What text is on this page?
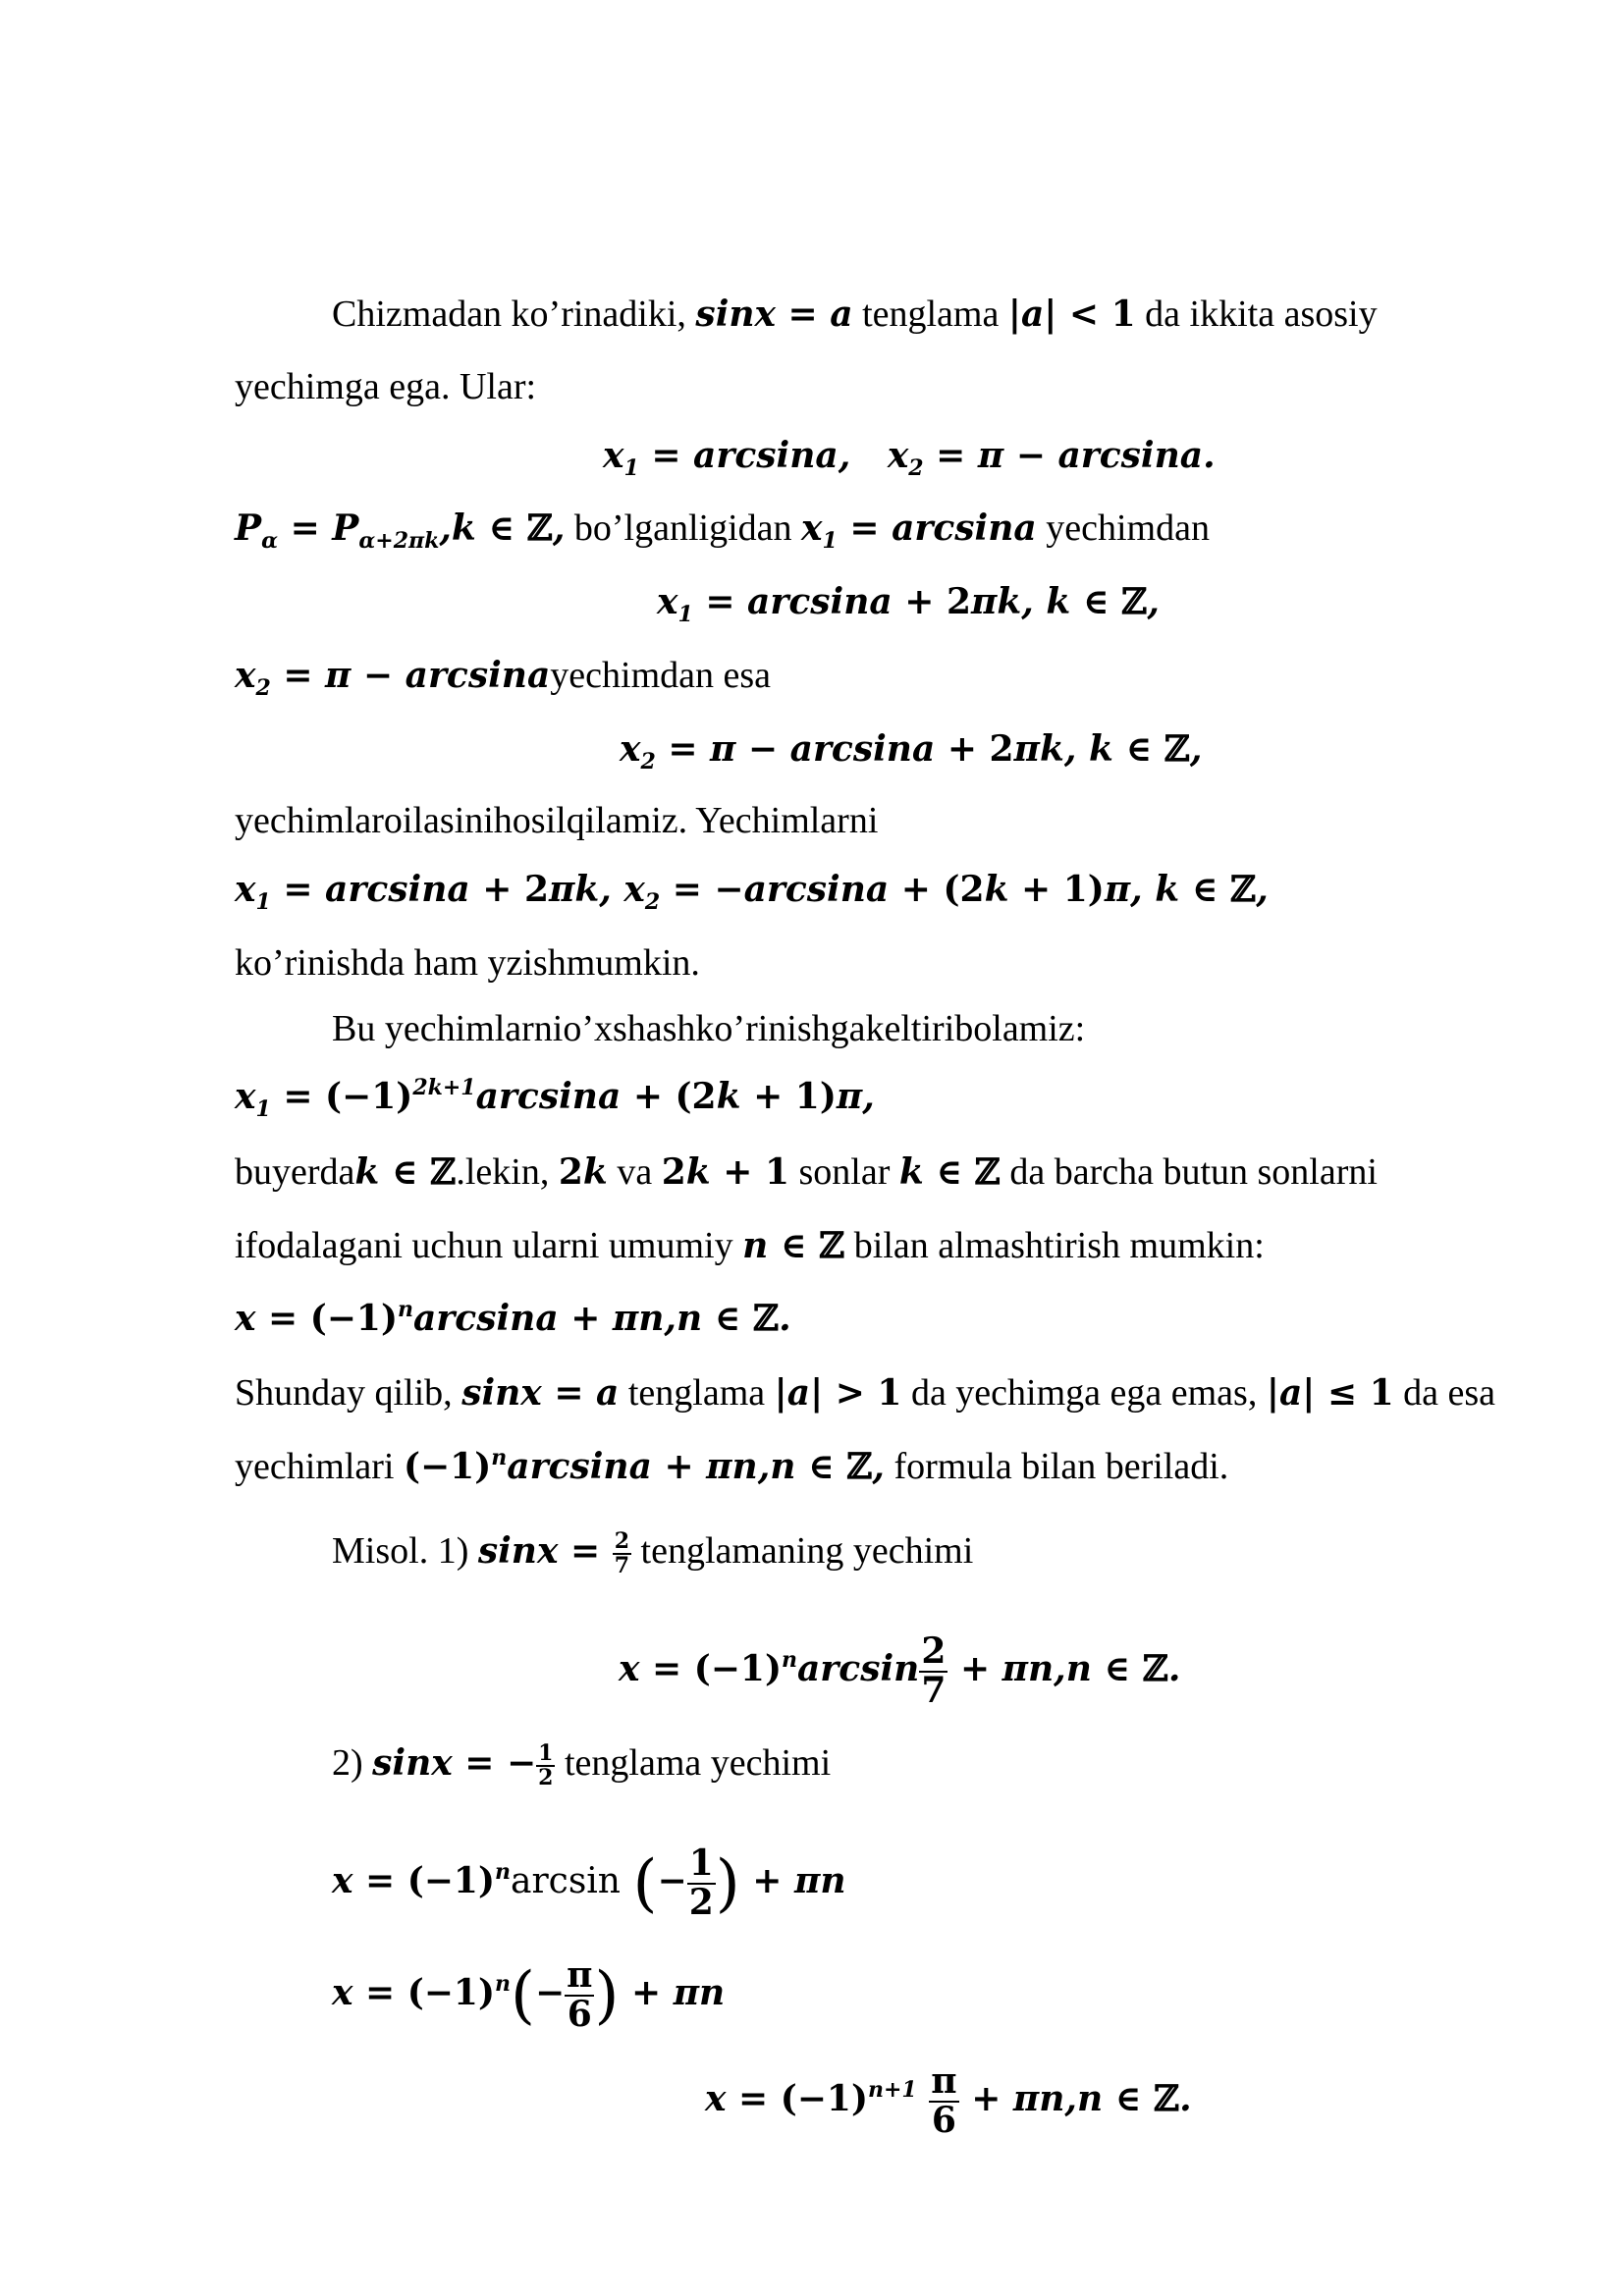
Chizmadan ko’rinadiki, sinx = a tenglama |a| < 1 da ikkita asosiy
yechimga ega. Ular:
$x_1 = \arcsin a$,   $x_2 = \pi - \arcsin a$.
$P_\alpha = P_{\alpha+2\pi k},k$ ∈ ℤ, bo’lganligidan $x_1 = \arcsin a$ yechimdan
$x_1 = \arcsin a + 2\pi k$, k ∈ ℤ,
$x_2 = \pi$ − arcsinayechimdan esa
$x_2 = \pi - \arcsin a + 2\pi k$, k ∈ ℤ,
yechimlaroilasinihosilqilamiz. Yechimlarni
$x_1 = \arcsin a + 2\pi k$, $x_2 = -\arcsin a + (2k + 1)\pi$, k ∈ ℤ,
ko’rinishda ham yzishmumkin.
Bu yechimlarnio’xshashko’rinishgakeltiribolamiz:
$x_1 = (-1)^{2k+1}\arcsin a + (2k + 1)\pi$,
buyerdak ∈ ℤ.lekin, 2k va 2k + 1 sonlar k ∈ ℤ da barcha butun sonlarni
ifodalagani uchun ularni umumiy n ∈ ℤ bilan almashtirish mumkin:
$x = (-1)^n\arcsin a + \pi n,n$ ∈ ℤ.
Shunday qilib, sinx = a tenglama |a| > 1 da yechimga ega emas, |a| ≤ 1 da esa
yechimlari $(-1)^n\arcsin a + \pi n,n$ ∈ ℤ, formula bilan beriladi.
Misol. 1) $\sin x = \frac{2}{7}$ tenglamaning yechimi
$x = (-1)^n\arcsin \frac{2}{7} + \pi n,n$ ∈ ℤ.
2) sinx = − $\frac{1}{2}$ tenglama yechimi
$x = (-1)^n\arcsin$ (− $\frac{1}{2}$ ) + πn
$x = (-1)^n(- \frac{\pi}{6}$ ) + πn
$x = (-1)^{n+1} \frac{\pi}{6} + \pi n,n$ ∈ ℤ.
